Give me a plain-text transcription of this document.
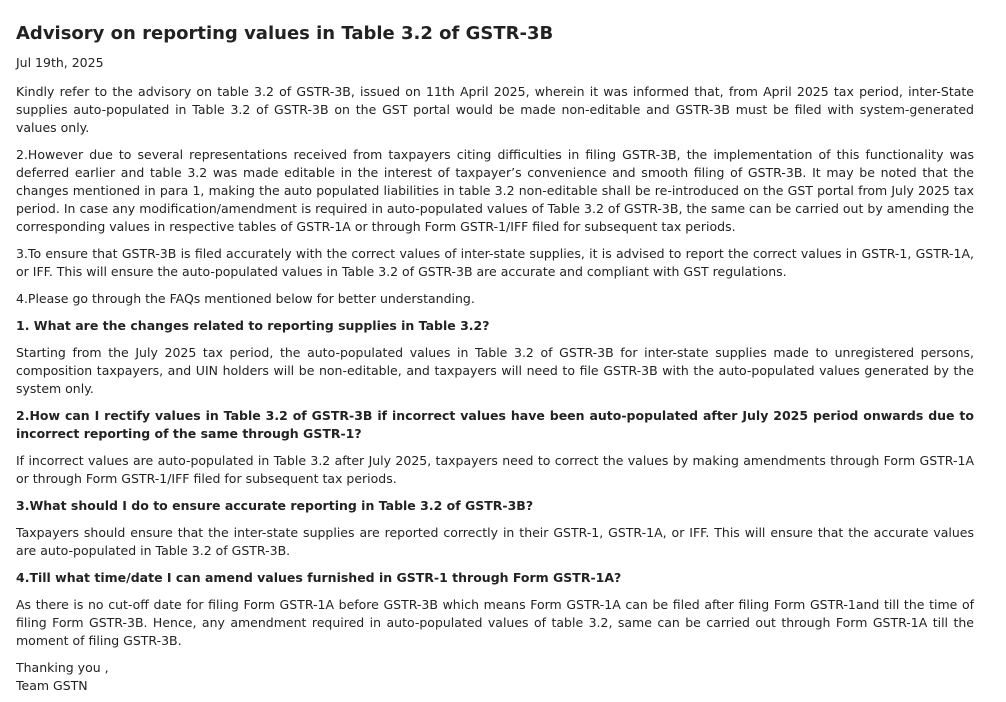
Advisory on reporting values in Table 3.2 of GSTR-3B
Jul 19th, 2025

Kindly refer to the advisory on table 3.2 of GSTR-3B, issued on 11th April 2025, wherein it was informed that, from April 2025 tax period, inter-State supplies auto-populated in Table 3.2 of GSTR-3B on the GST portal would be made non-editable and GSTR-3B must be filed with system-generated values only.

2.However due to several representations received from taxpayers citing difficulties in filing GSTR-3B, the implementation of this functionality was deferred earlier and table 3.2 was made editable in the interest of taxpayer’s convenience and smooth filing of GSTR-3B. It may be noted that the changes mentioned in para 1, making the auto populated liabilities in table 3.2 non-editable shall be re-introduced on the GST portal from July 2025 tax period. In case any modification/amendment is required in auto-populated values of Table 3.2 of GSTR-3B, the same can be carried out by amending the corresponding values in respective tables of GSTR-1A or through Form GSTR-1/IFF filed for subsequent tax periods.

3.To ensure that GSTR-3B is filed accurately with the correct values of inter-state supplies, it is advised to report the correct values in GSTR-1, GSTR-1A, or IFF. This will ensure the auto-populated values in Table 3.2 of GSTR-3B are accurate and compliant with GST regulations.

4.Please go through the FAQs mentioned below for better understanding.

1. What are the changes related to reporting supplies in Table 3.2?

Starting from the July 2025 tax period, the auto-populated values in Table 3.2 of GSTR-3B for inter-state supplies made to unregistered persons, composition taxpayers, and UIN holders will be non-editable, and taxpayers will need to file GSTR-3B with the auto-populated values generated by the system only.

2.How can I rectify values in Table 3.2 of GSTR-3B if incorrect values have been auto-populated after July 2025 period onwards due to incorrect reporting of the same through GSTR-1?

If incorrect values are auto-populated in Table 3.2 after July 2025, taxpayers need to correct the values by making amendments through Form GSTR-1A or through Form GSTR-1/IFF filed for subsequent tax periods.

3.What should I do to ensure accurate reporting in Table 3.2 of GSTR-3B?

Taxpayers should ensure that the inter-state supplies are reported correctly in their GSTR-1, GSTR-1A, or IFF. This will ensure that the accurate values are auto-populated in Table 3.2 of GSTR-3B.

4.Till what time/date I can amend values furnished in GSTR-1 through Form GSTR-1A?

As there is no cut-off date for filing Form GSTR-1A before GSTR-3B which means Form GSTR-1A can be filed after filing Form GSTR-1and till the time of filing Form GSTR-3B. Hence, any amendment required in auto-populated values of table 3.2, same can be carried out through Form GSTR-1A till the moment of filing GSTR-3B.

Thanking you ,
Team GSTN
